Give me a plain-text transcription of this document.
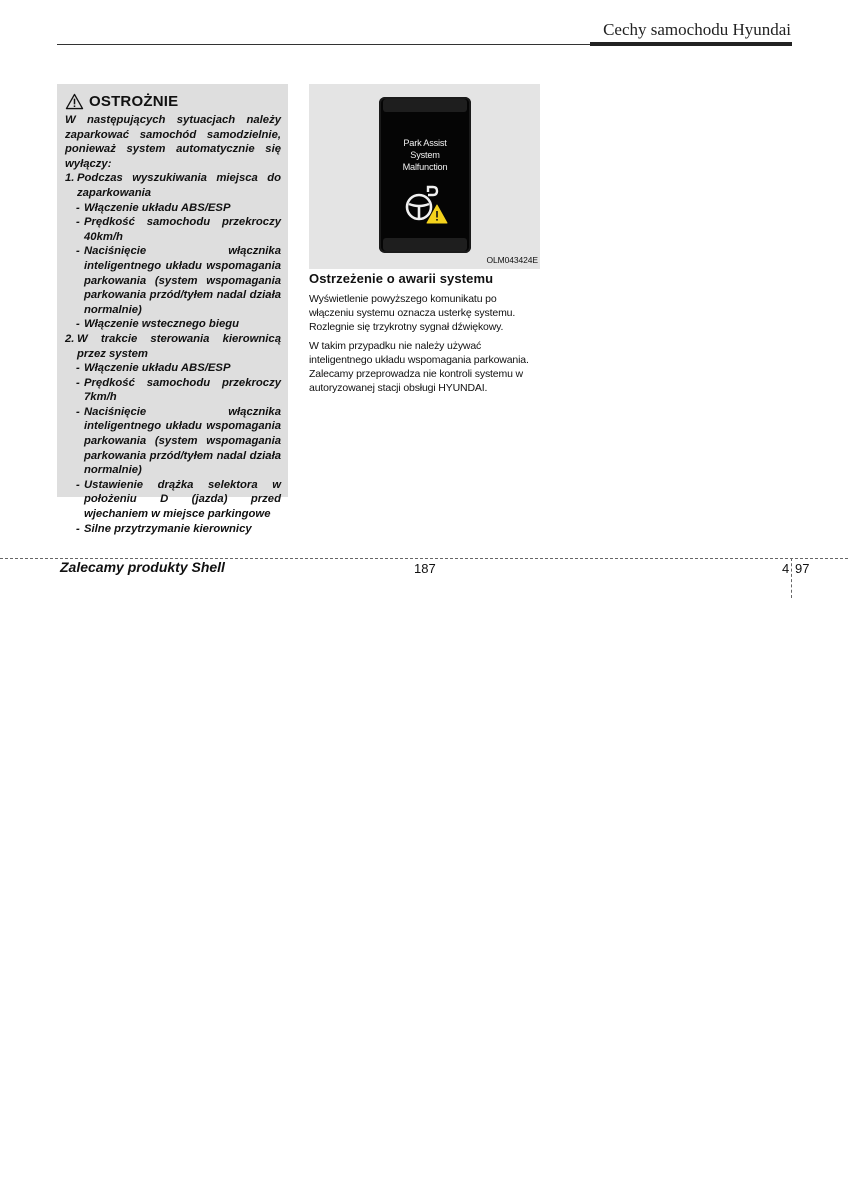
Cechy samochodu Hyundai
OSTROŻNIE

W następujących sytuacjach należy zaparkować samochód samodzielnie, ponieważ system automatycznie się wyłączy:

1. Podczas wyszukiwania miejsca do zaparkowania

- Włączenie układu ABS/ESP

- Prędkość samochodu przekroczy 40km/h

- Naciśnięcie włącznika inteligentnego układu wspomagania parkowania (system wspomagania parkowania przód/tyłem nadal działa normalnie)

- Włączenie wstecznego biegu

2. W trakcie sterowania kierownicą przez system

- Włączenie układu ABS/ESP

- Prędkość samochodu przekroczy 7km/h

- Naciśnięcie włącznika inteligentnego układu wspomagania parkowania (system wspomagania parkowania przód/tyłem nadal działa normalnie)

- Ustawienie drążka selektora w położeniu D (jazda) przed wjechaniem w miejsce parkingowe

- Silne przytrzymanie kierownicy

Park Assist
System
Malfunction
OLM043424E
Ostrzeżenie o awarii systemu

Wyświetlenie powyższego komunikatu po włączeniu systemu oznacza usterkę systemu. Rozlegnie się trzykrotny sygnał dźwiękowy.

W takim przypadku nie należy używać inteligentnego układu wspomagania parkowania. Zalecamy przeprowadza nie kontroli systemu w autoryzowanej stacji obsługi HYUNDAI.

Zalecamy produkty Shell	187	4 97
